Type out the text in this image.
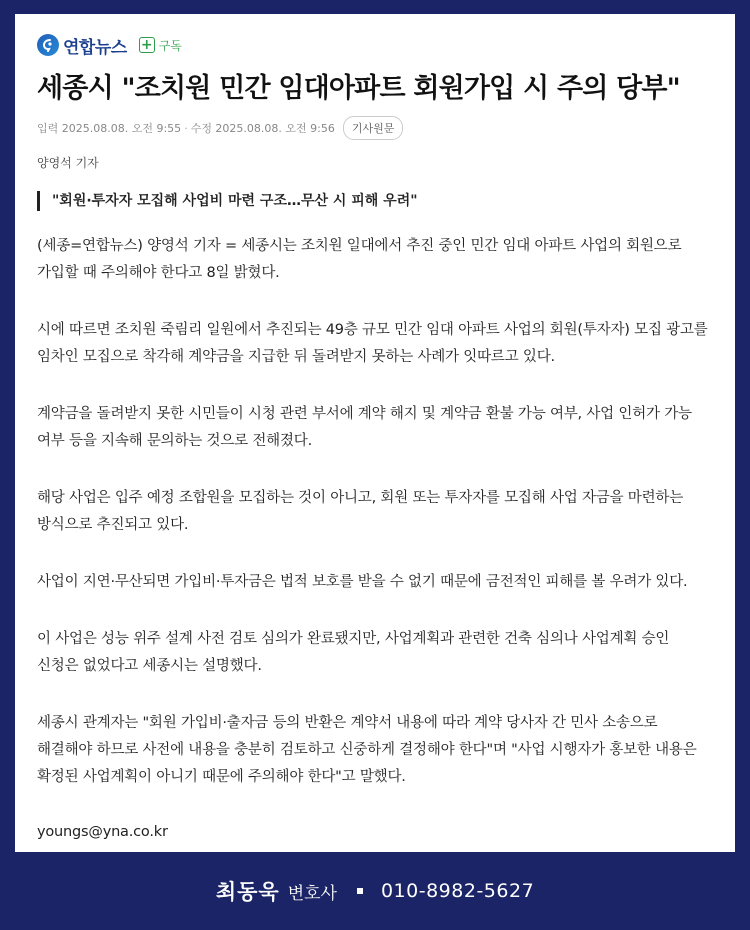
연합뉴스 + 구독
세종시 "조치원 민간 임대아파트 회원가입 시 주의 당부"
입력 2025.08.08. 오전 9:55 · 수정 2025.08.08. 오전 9:56	기사원문
양영석 기자
"회원·투자자 모집해 사업비 마련 구조…무산 시 피해 우려"

(세종=연합뉴스) 양영석 기자 = 세종시는 조치원 일대에서 추진 중인 민간 임대 아파트 사업의 회원으로 가입할 때 주의해야 한다고 8일 밝혔다.

시에 따르면 조치원 죽림리 일원에서 추진되는 49층 규모 민간 임대 아파트 사업의 회원(투자자) 모집 광고를 임차인 모집으로 착각해 계약금을 지급한 뒤 돌려받지 못하는 사례가 잇따르고 있다.

계약금을 돌려받지 못한 시민들이 시청 관련 부서에 계약 해지 및 계약금 환불 가능 여부, 사업 인허가 가능 여부 등을 지속해 문의하는 것으로 전해졌다.

해당 사업은 입주 예정 조합원을 모집하는 것이 아니고, 회원 또는 투자자를 모집해 사업 자금을 마련하는 방식으로 추진되고 있다.

사업이 지연·무산되면 가입비·투자금은 법적 보호를 받을 수 없기 때문에 금전적인 피해를 볼 우려가 있다.

이 사업은 성능 위주 설계 사전 검토 심의가 완료됐지만, 사업계획과 관련한 건축 심의나 사업계획 승인 신청은 없었다고 세종시는 설명했다.

세종시 관계자는 "회원 가입비·출자금 등의 반환은 계약서 내용에 따라 계약 당사자 간 민사 소송으로 해결해야 하므로 사전에 내용을 충분히 검토하고 신중하게 결정해야 한다"며 "사업 시행자가 홍보한 내용은 확정된 사업계획이 아니기 때문에 주의해야 한다"고 말했다.

youngs@yna.co.kr

최동욱 변호사 010-8982-5627
